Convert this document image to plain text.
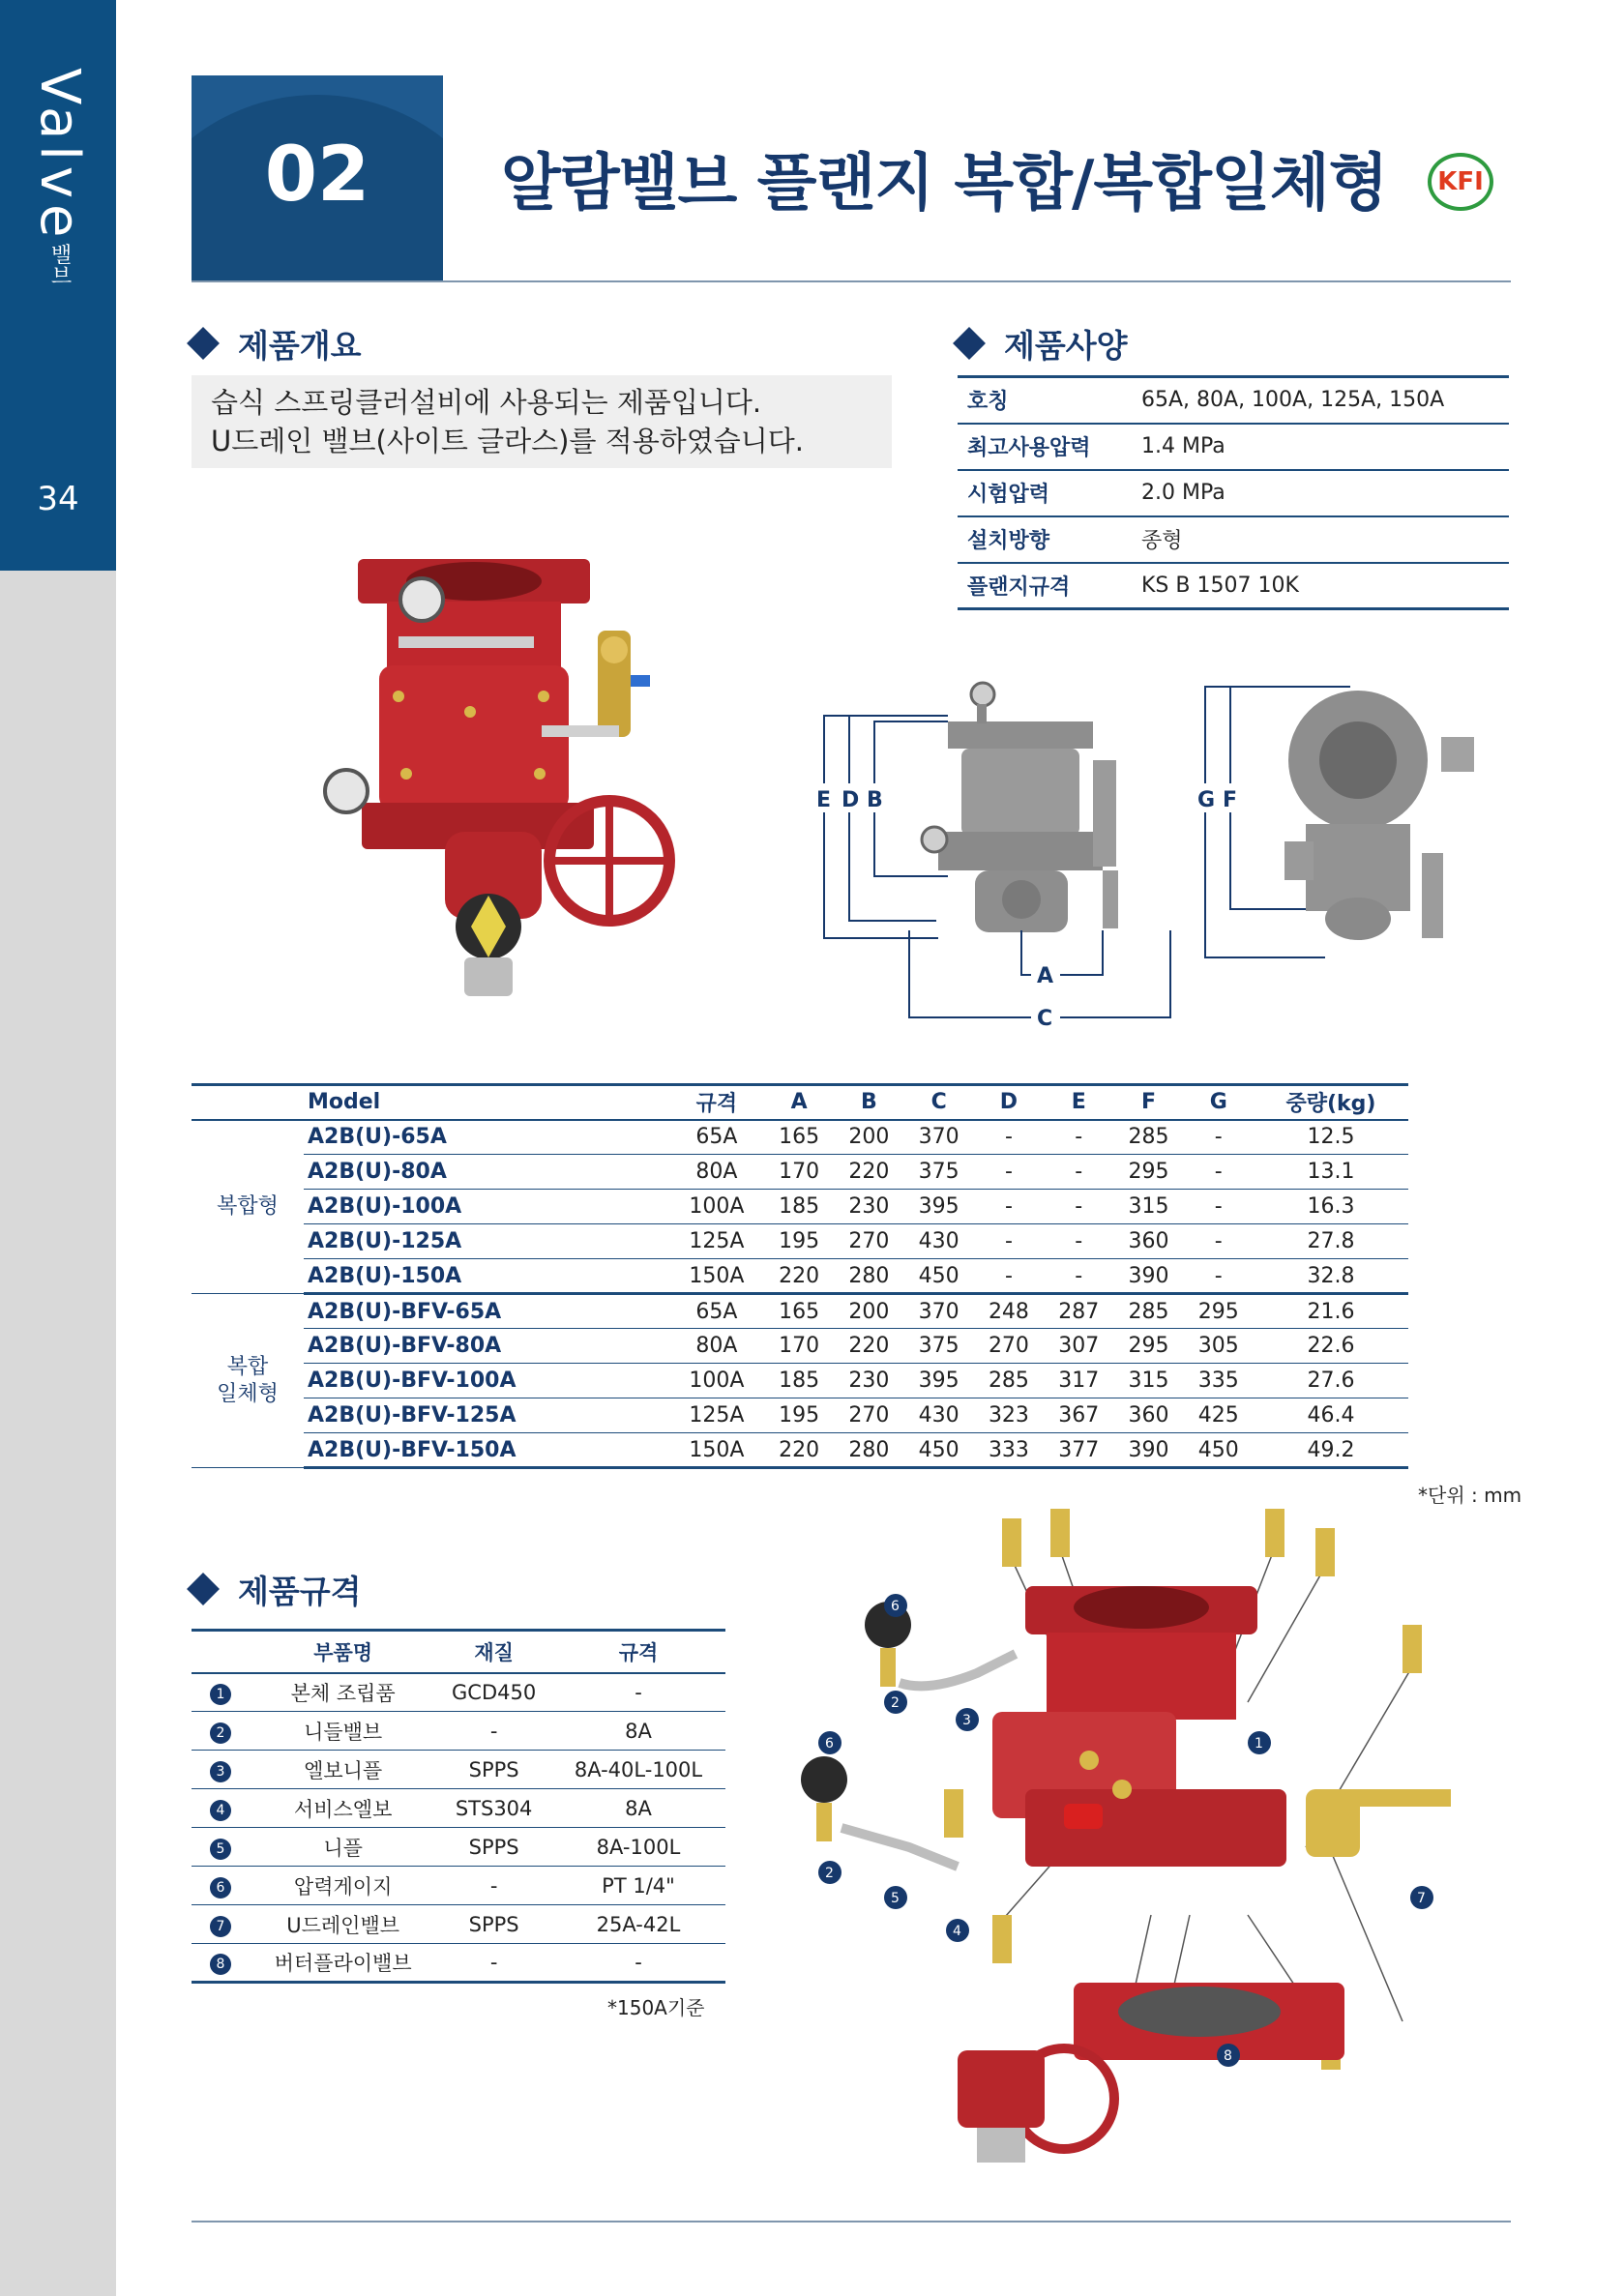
Valve밸브
34
02	알람밸브 플랜지 복합/복합일체형	KFI
제품개요
습식 스프링클러설비에 사용되는 제품입니다.
U드레인 밸브(사이트 글라스)를 적용하였습니다.
제품사양
호칭	65A, 80A, 100A, 125A, 150A
최고사용압력	1.4 MPa
시험압력	2.0 MPa
설치방향	종형
플랜지규격	KS B 1507 10K
E D B	G F
A
C
	Model	규격	A	B	C	D	E	F	G	중량(kg)

복합형	A2B(U)-65A	65A	165	200	370	-	-	285	-	12.5
	A2B(U)-80A	80A	170	220	375	-	-	295	-	13.1
	A2B(U)-100A	100A	185	230	395	-	-	315	-	16.3
	A2B(U)-125A	125A	195	270	430	-	-	360	-	27.8
	A2B(U)-150A	150A	220	280	450	-	-	390	-	32.8

복합
일체형	A2B(U)-BFV-65A	65A	165	200	370	248	287	285	295	21.6
	A2B(U)-BFV-80A	80A	170	220	375	270	307	295	305	22.6
	A2B(U)-BFV-100A	100A	185	230	395	285	317	315	335	27.6
	A2B(U)-BFV-125A	125A	195	270	430	323	367	360	425	46.4
	A2B(U)-BFV-150A	150A	220	280	450	333	377	390	450	49.2
*단위 : mm
제품규격
	부품명	재질	규격
1	본체 조립품	GCD450	-
2	니들밸브	-	8A
3	엘보니플	SPPS	8A-40L-100L
4	서비스엘보	STS304	8A
5	니플	SPPS	8A-100L
6	압력게이지	-	PT 1/4"
7	U드레인밸브	SPPS	25A-42L
8	버터플라이밸브	-	-
*150A기준
6
2
3
1
6
2
5
4
7
8
